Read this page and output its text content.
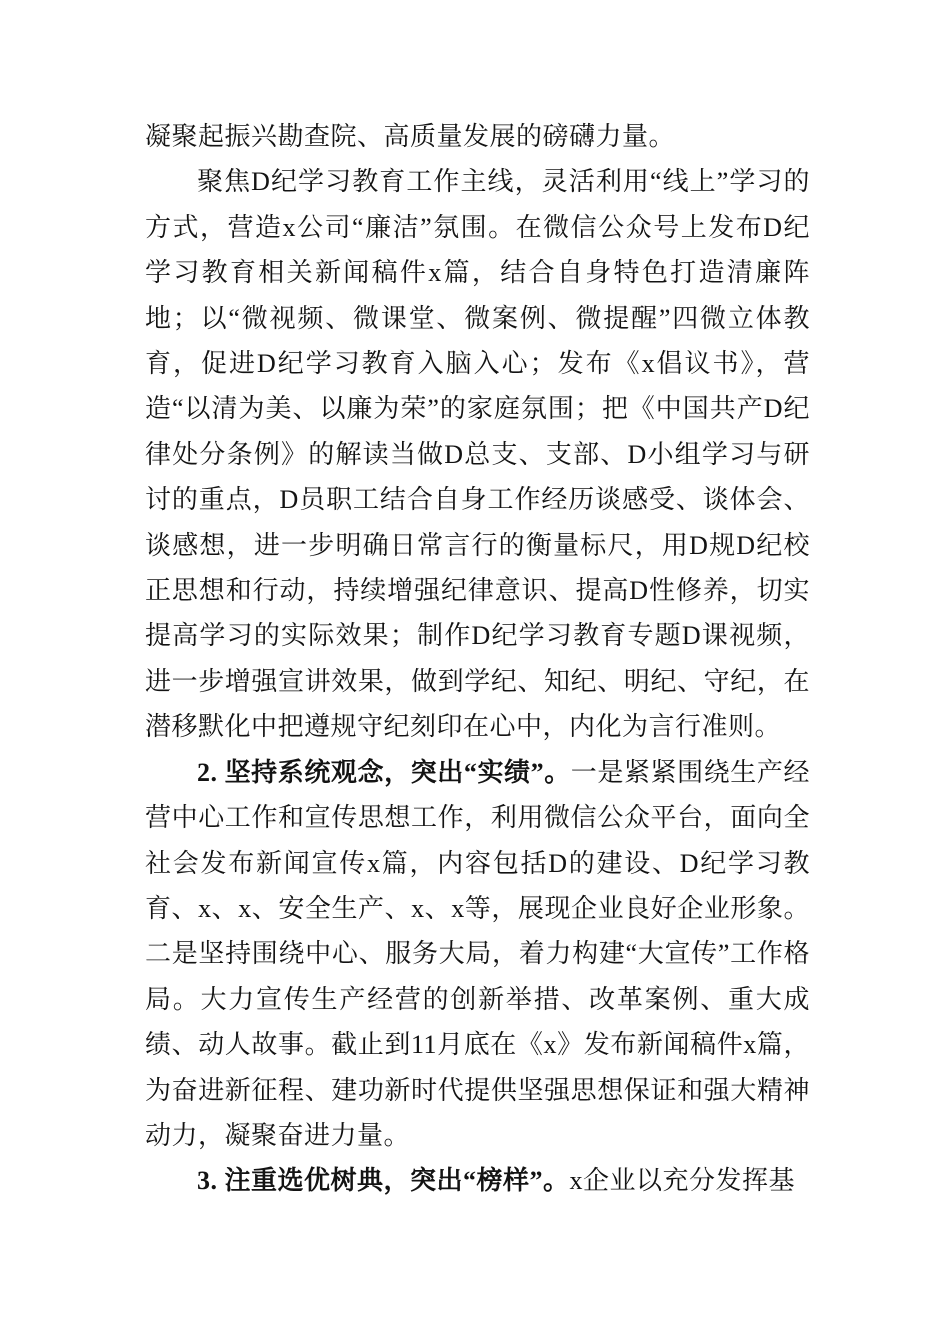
凝聚起振兴勘查院、高质量发展的磅礴力量。

聚焦D纪学习教育工作主线，灵活利用“线上”学习的方式，营造x公司“廉洁”氛围。在微信公众号上发布D纪学习教育相关新闻稿件x篇，结合自身特色打造清廉阵地；以“微视频、微课堂、微案例、微提醒”四微立体教育，促进D纪学习教育入脑入心；发布《x倡议书》，营造“以清为美、以廉为荣”的家庭氛围；把《中国共产D纪律处分条例》的解读当做D总支、支部、D小组学习与研讨的重点，D员职工结合自身工作经历谈感受、谈体会、谈感想，进一步明确日常言行的衡量标尺，用D规D纪校正思想和行动，持续增强纪律意识、提高D性修养，切实提高学习的实际效果；制作D纪学习教育专题D课视频，进一步增强宣讲效果，做到学纪、知纪、明纪、守纪，在潜移默化中把遵规守纪刻印在心中，内化为言行准则。

2. 坚持系统观念，突出“实绩”。一是紧紧围绕生产经营中心工作和宣传思想工作，利用微信公众平台，面向全社会发布新闻宣传x篇，内容包括D的建设、D纪学习教育、x、x、安全生产、x、x等，展现企业良好企业形象。二是坚持围绕中心、服务大局，着力构建“大宣传”工作格局。大力宣传生产经营的创新举措、改革案例、重大成绩、动人故事。截止到11月底在《x》发布新闻稿件x篇，为奋进新征程、建功新时代提供坚强思想保证和强大精神动力，凝聚奋进力量。

3. 注重选优树典，突出“榜样”。x企业以充分发挥基
